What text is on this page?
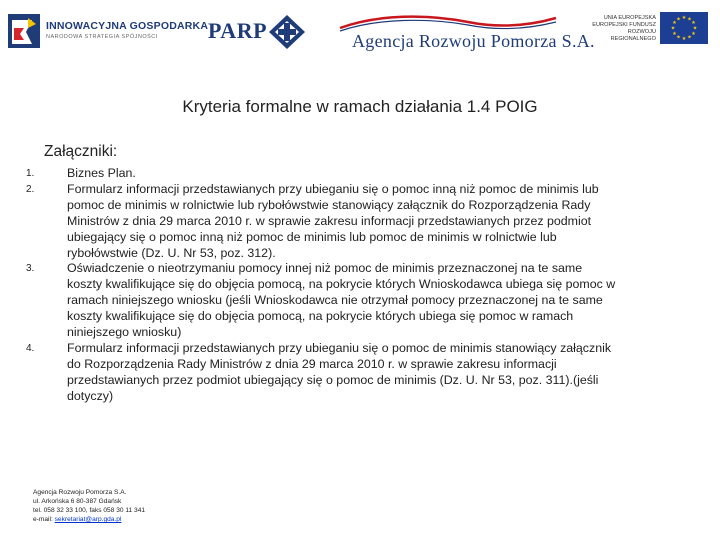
INNOWACYJNA GOSPODARKA
NARODOWA STRATEGIA SPÓJNOŚCI PARP	Agencja Rozwoju Pomorza S.A.
UNIA EUROPEJSKA
EUROPEJSKI FUNDUSZ
ROZWOJU REGIONALNEGO
★ ★
★
★
★
★
★
★
★
★
★
★
Kryteria formalne w ramach działania 1.4 POIG
Załączniki:
1.	Biznes Plan.
2.	Formularz informacji przedstawianych przy ubieganiu się o pomoc inną niż pomoc de minimis lub
pomoc de minimis w rolnictwie lub rybołówstwie stanowiący załącznik do Rozporządzenia Rady
Ministrów z dnia 29 marca 2010 r. w sprawie zakresu informacji przedstawianych przez podmiot
ubiegający się o pomoc inną niż pomoc de minimis lub pomoc de minimis w rolnictwie lub
rybołówstwie (Dz. U. Nr 53, poz. 312).
3.	Oświadczenie o nieotrzymaniu pomocy innej niż pomoc de minimis przeznaczonej na te same
koszty kwalifikujące się do objęcia pomocą, na pokrycie których Wnioskodawca ubiega się pomoc w
ramach niniejszego wniosku (jeśli Wnioskodawca nie otrzymał pomocy przeznaczonej na te same
koszty kwalifikujące się do objęcia pomocą, na pokrycie których ubiega się pomoc w ramach
niniejszego wniosku)
4.	Formularz informacji przedstawianych przy ubieganiu się o pomoc de minimis stanowiący załącznik
do Rozporządzenia Rady Ministrów z dnia 29 marca 2010 r. w sprawie zakresu informacji
przedstawianych przez podmiot ubiegający się o pomoc de minimis (Dz. U. Nr 53, poz. 311).(jeśli
dotyczy)
Agencja Rozwoju Pomorza S.A.
ul. Arkońska 6 80-387 Gdańsk
tel. 058 32 33 100, faks 058 30 11 341
e-mail: sekretariat@arp.gda.pl
